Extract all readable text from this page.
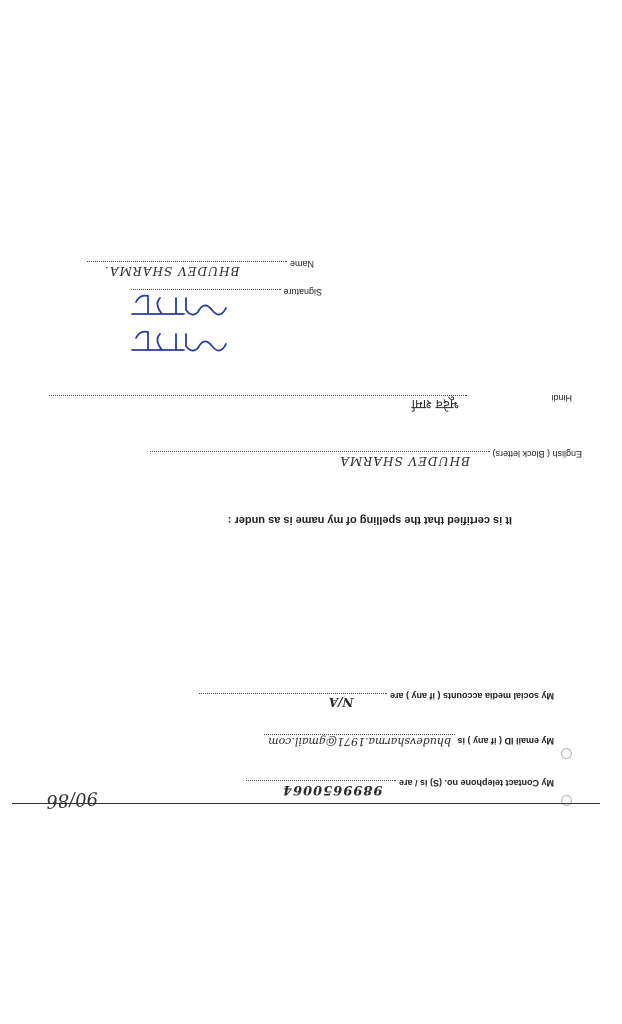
90/86
My Contact telephone no. (S) is / are
9899650064
My email ID ( if any ) is bhudevsharma.1971@gmail.com
My social media accounts ( if any ) are
N/A
It is certified that the spelling of my name is as under :
English ( Block letters)
BHUDEV SHARMA
Hindi
भूदेव शर्मा
Signature
Name
BHUDEV SHARMA.
